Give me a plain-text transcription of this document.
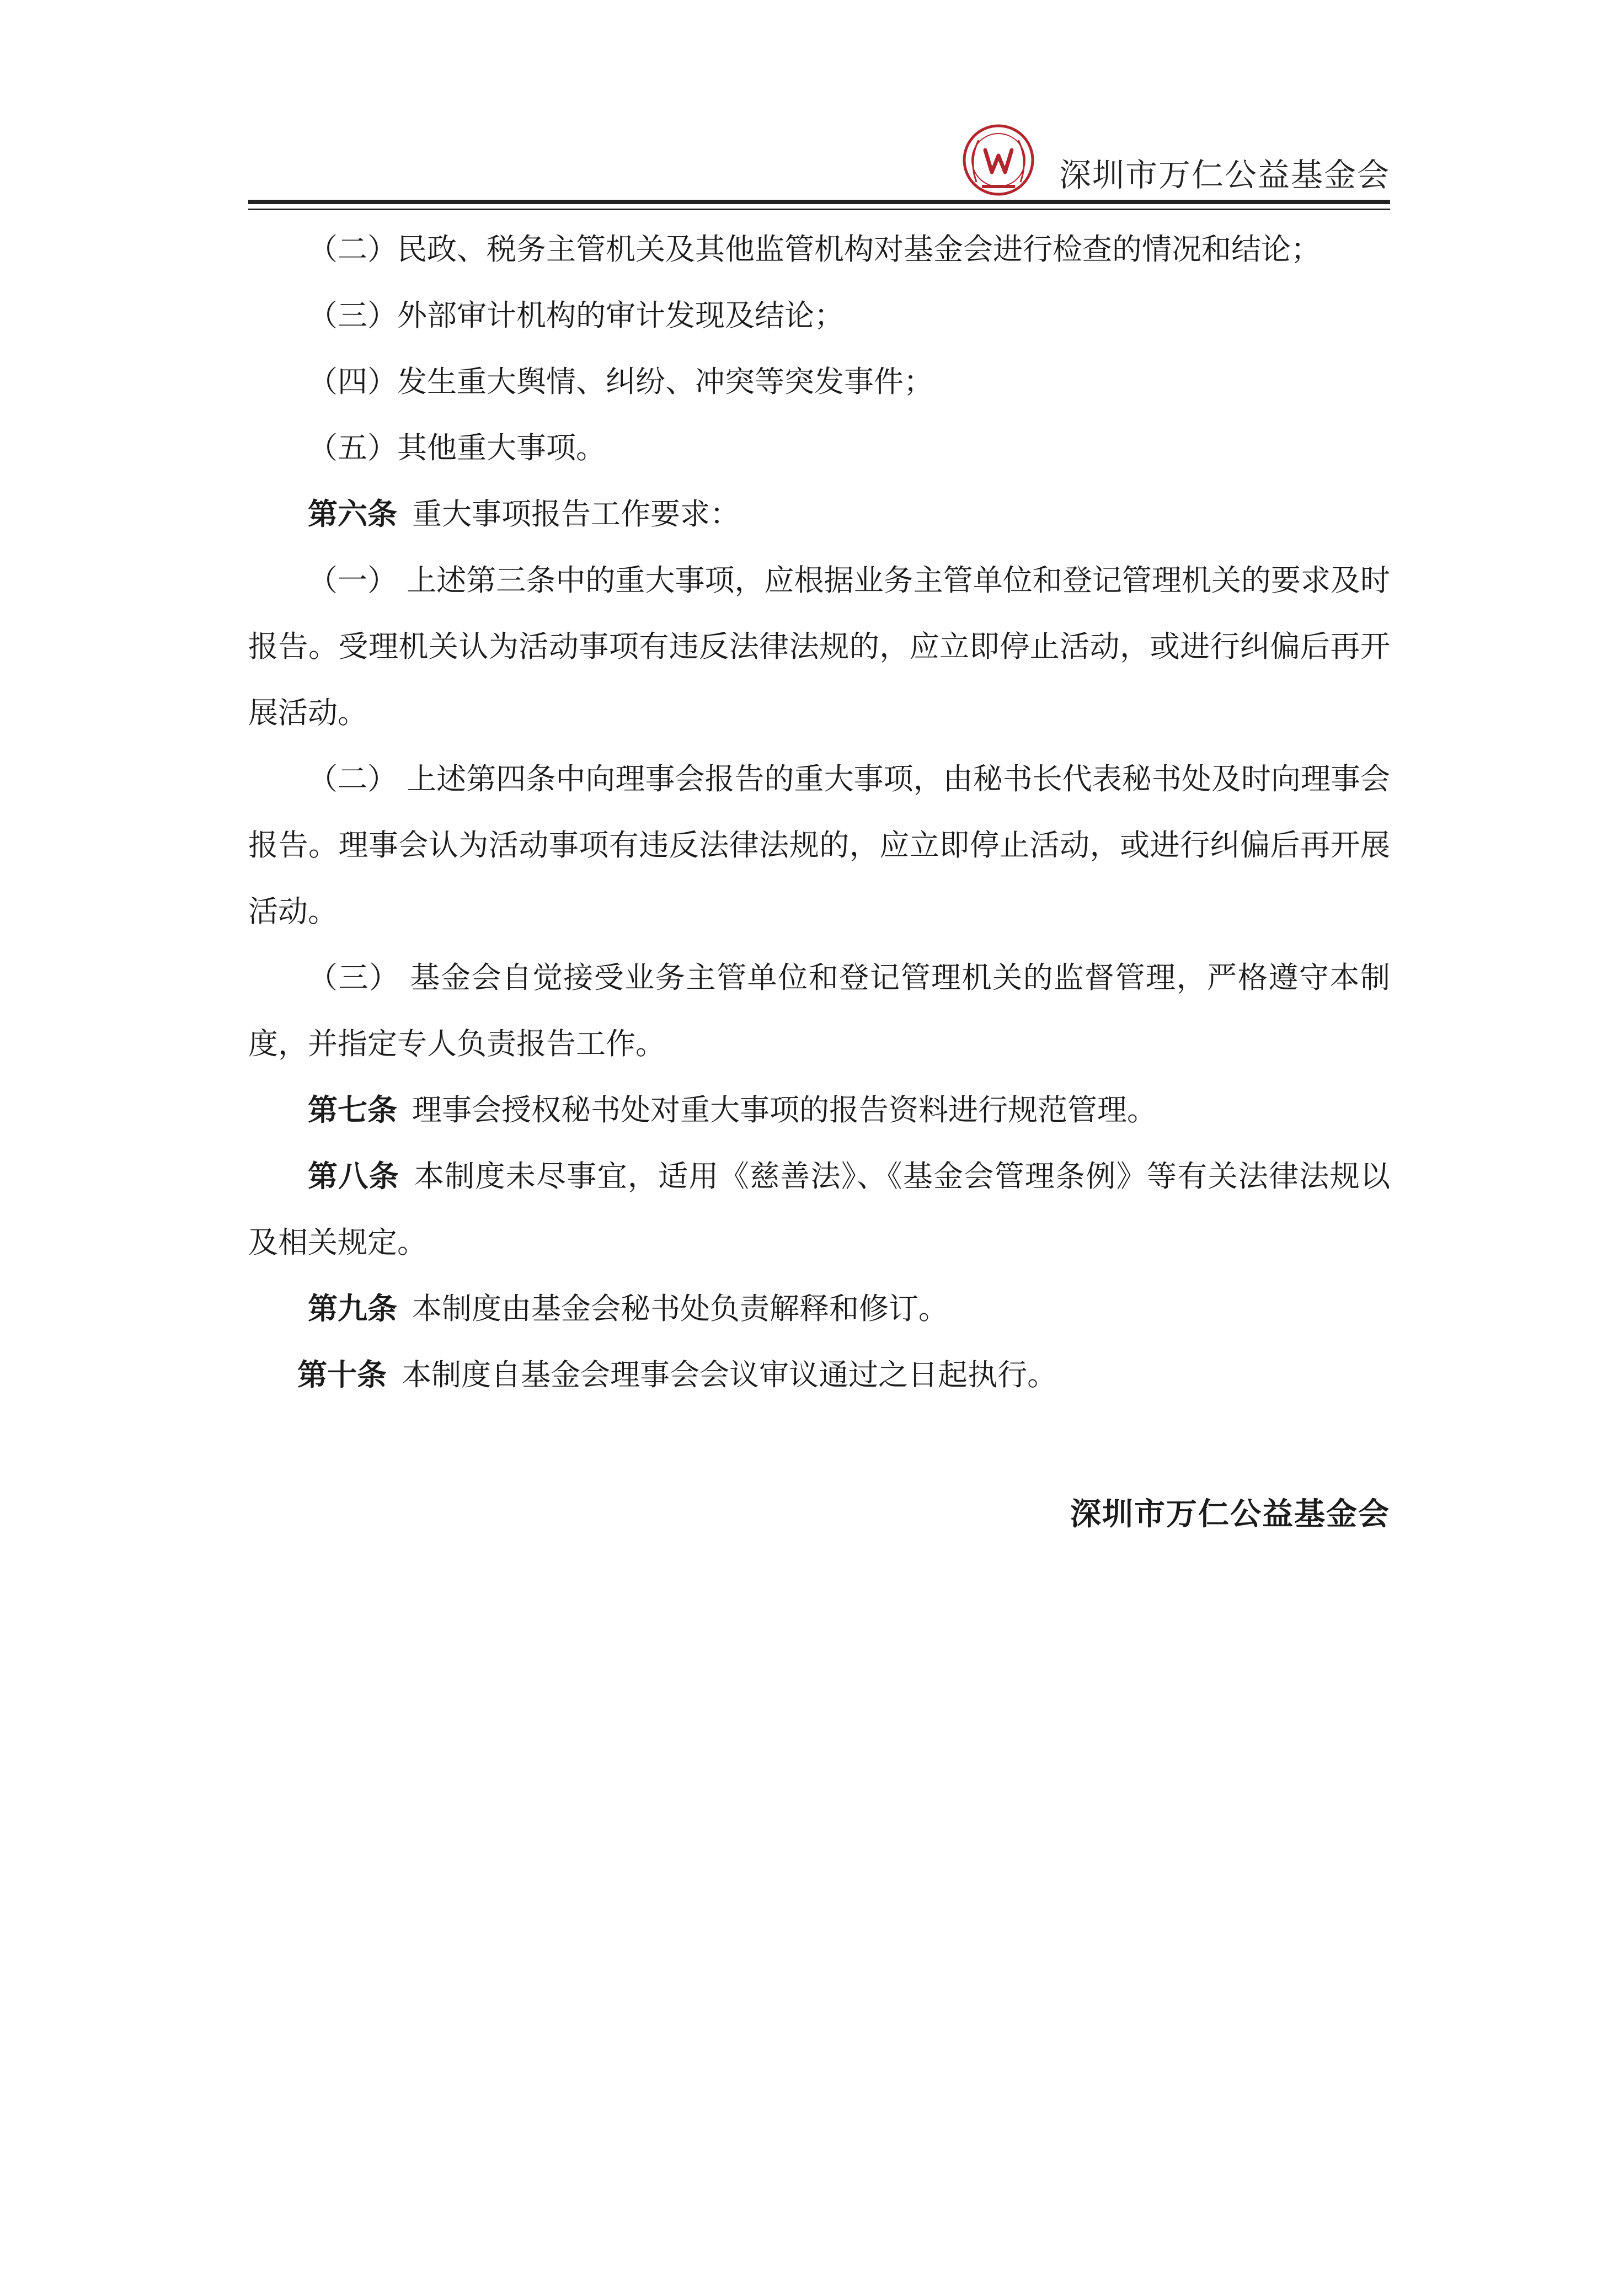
深圳市万仁公益基金会

（二）民政、税务主管机关及其他监管机构对基金会进行检查的情况和结论；

（三）外部审计机构的审计发现及结论；

（四）发生重大舆情、纠纷、冲突等突发事件；

（五）其他重大事项。

第六条 重大事项报告工作要求：

（一） 上述第三条中的重大事项，应根据业务主管单位和登记管理机关的要求及时报告。受理机关认为活动事项有违反法律法规的，应立即停止活动，或进行纠偏后再开展活动。

（二） 上述第四条中向理事会报告的重大事项，由秘书长代表秘书处及时向理事会报告。理事会认为活动事项有违反法律法规的，应立即停止活动，或进行纠偏后再开展活动。

（三） 基金会自觉接受业务主管单位和登记管理机关的监督管理，严格遵守本制度，并指定专人负责报告工作。

第七条 理事会授权秘书处对重大事项的报告资料进行规范管理。

第八条 本制度未尽事宜，适用《慈善法》、《基金会管理条例》等有关法律法规以及相关规定。

第九条 本制度由基金会秘书处负责解释和修订。

第十条 本制度自基金会理事会会议审议通过之日起执行。

深圳市万仁公益基金会
